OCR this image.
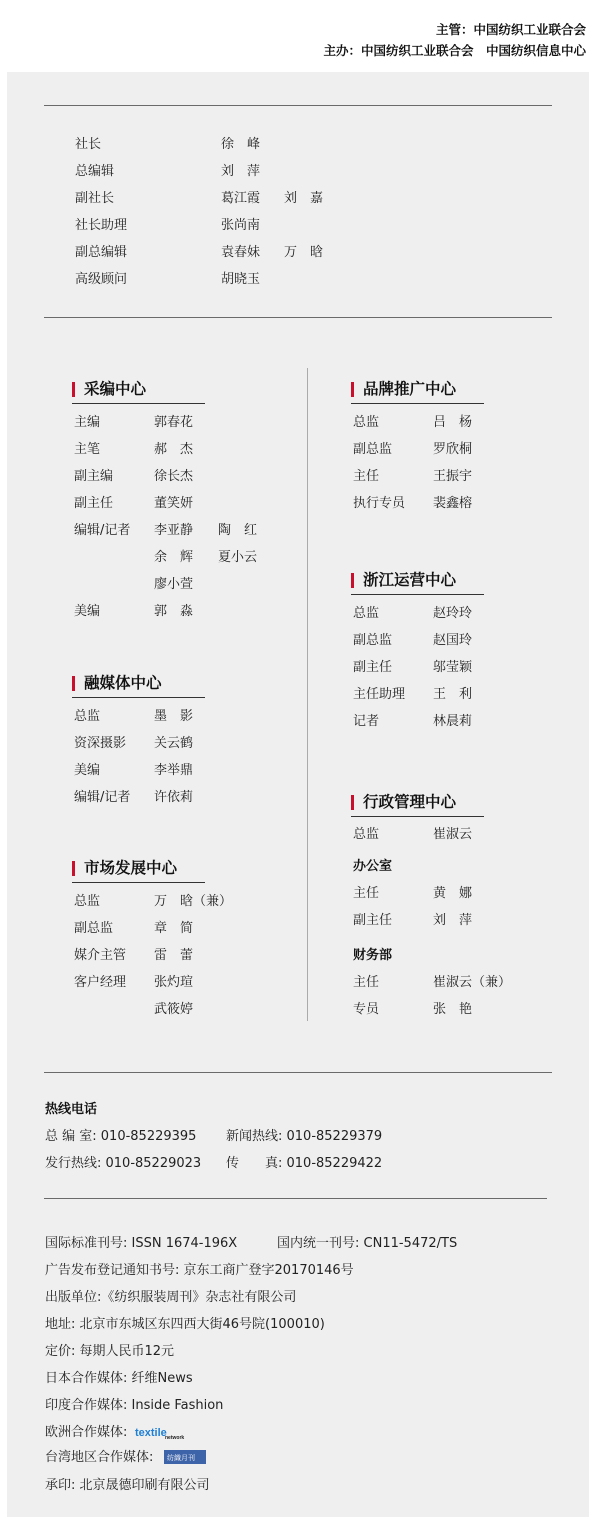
主管：中国纺织工业联合会
主办：中国纺织工业联合会　中国纺织信息中心
热线电话
总 编 室: 010-85229395 新闻热线: 010-85229379
发行热线: 010-85229023 传　　真: 010-85229422
国际标准刊号: ISSN 1674-196X	国内统一刊号: CN11-5472/TS
广告发布登记通知书号: 京东工商广登字20170146号
出版单位:《纺织服装周刊》杂志社有限公司
地址: 北京市东城区东四西大街46号院(100010)
定价: 每期人民币12元
日本合作媒体: 纤维News
印度合作媒体: Inside Fashion
欧洲合作媒体: textile
network
台湾地区合作媒体: 纺織月刊
承印: 北京晟德印刷有限公司
社长	徐　峰
总编辑	刘　萍
副社长	葛江霞 刘　嘉
社长助理	张尚南
副总编辑	袁春妹 万　晗
高级顾问	胡晓玉
采编中心
主编	郭春花
主笔	郝　杰
副主编	徐长杰
副主任	董笑妍
编辑/记者 李亚静 陶　红
余　辉 夏小云
廖小萱
美编	郭　淼
融媒体中心
总监	墨　影
资深摄影 关云鹤
美编	李举鼎
编辑/记者 许依莉
市场发展中心
总监	万　晗（兼）
副总监	章　简
媒介主管 雷　蕾
客户经理 张灼瑄
武筱婷
品牌推广中心
总监	吕　杨
副总监	罗欣桐
主任	王振宇
执行专员 裴鑫榕
浙江运营中心
总监	赵玲玲
副总监	赵国玲
副主任	邬莹颖
主任助理 王　利
记者	林晨莉
行政管理中心
总监	崔淑云
办公室
主任	黄　娜
副主任	刘　萍
财务部
主任	崔淑云（兼）
专员	张　艳
